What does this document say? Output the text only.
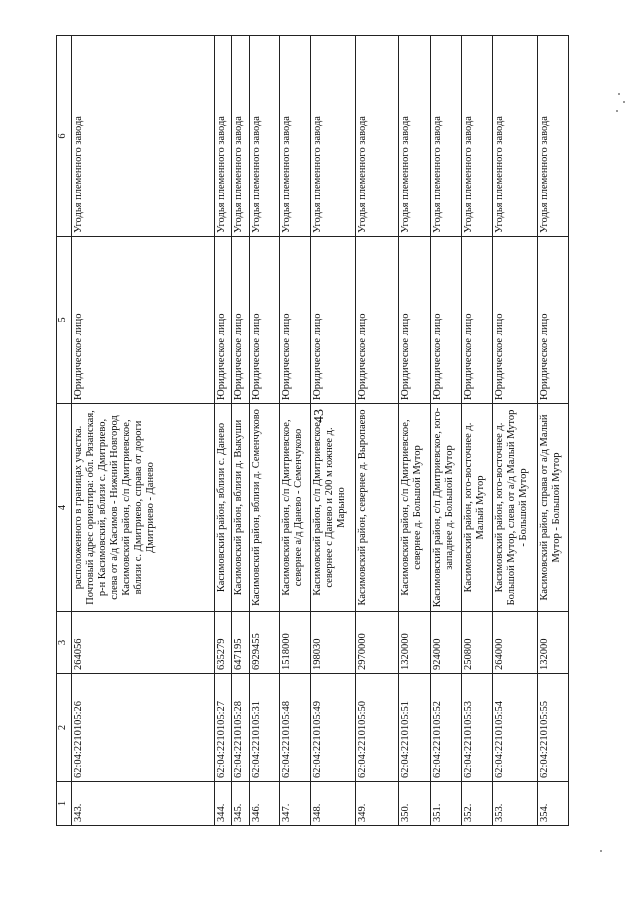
43
1	2	3	4	5	6
343.	62:04:2210105:26	264056	расположенного в границах участка. Почтовый адрес ориентира: обл. Рязанская, р-н Касимовский, вблизи с. Дмитриево, слева от а/д Касимов - Нижний Новгород Касимовский район, с/п Дмитриевское, вблизи с. Дмитриево, справа от дороги Дмитриево - Данево	Юридическое лицо	Угодья племенного завода
344.	62:04:2210105:27	635279	Касимовский район, вблизи с. Данево	Юридическое лицо	Угодья племенного завода
345.	62:04:2210105:28	647195	Касимовский район, вблизи д. Выкуши	Юридическое лицо	Угодья племенного завода
346.	62:04:2210105:31	6929455	Касимовский район, вблизи д. Семенчуково	Юридическое лицо	Угодья племенного завода
347.	62:04:2210105:48	1518000	Касимовский район, с/п Дмитриевское, севернее а/д Данево - Семенчуково	Юридическое лицо	Угодья племенного завода
348.	62:04:2210105:49	198030	Касимовский район, с/п Дмитриевское, севернее с Данево и 200 м южнее д. Марьино	Юридическое лицо	Угодья племенного завода
349.	62:04:2210105:50	2970000	Касимовский район, севернее д. Выропаево	Юридическое лицо	Угодья племенного завода
350.	62:04:2210105:51	1320000	Касимовский район, с/п Дмитриевское, севернее д. Большой Мутор	Юридическое лицо	Угодья племенного завода
351.	62:04:2210105:52	924000	Касимовский район, с/п Дмитриевское, юго-западнее д. Большой Мутор	Юридическое лицо	Угодья племенного завода
352.	62:04:2210105:53	250800	Касимовский район, юго-восточнее д. Малый Мутор	Юридическое лицо	Угодья племенного завода
353.	62:04:2210105:54	264000	Касимовский район, юго-восточнее д. Большой Мутор, слева от а/д Малый Мутор - Большой Мутор	Юридическое лицо	Угодья племенного завода
354.	62:04:2210105:55	132000	Касимовский район, справа от а/д Малый Мутор - Большой Мутор	Юридическое лицо	Угодья племенного завода
